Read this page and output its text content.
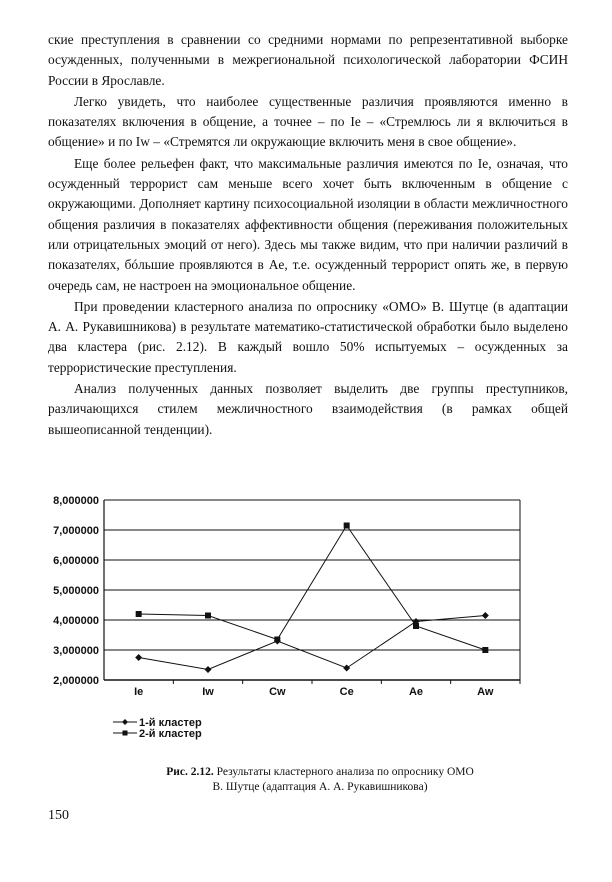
ские преступления в сравнении со средними нормами по репрезентативной выборке осужденных, полученными в межрегиональной психологической лаборатории ФСИН России в Ярославле.

Легко увидеть, что наиболее существенные различия проявляются именно в показателях включения в общение, а точнее – по Ie – «Стремлюсь ли я включиться в общение» и по Iw – «Стремятся ли окружающие включить меня в свое общение».

Еще более рельефен факт, что максимальные различия имеются по Ie, означая, что осужденный террорист сам меньше всего хочет быть включенным в общение с окружающими. Дополняет картину психосоциальной изоляции в области межличностного общения различия в показателях аффективности общения (переживания положительных или отрицательных эмоций от него). Здесь мы также видим, что при наличии различий в показателях, бóльшие проявляются в Ae, т.е. осужденный террорист опять же, в первую очередь сам, не настроен на эмоциональное общение.

При проведении кластерного анализа по опроснику «ОМО» В. Шутце (в адаптации А. А. Рукавишникова) в результате математико-статистической обработки было выделено два кластера (рис. 2.12). В каждый вошло 50% испытуемых – осужденных за террористические преступления.

Анализ полученных данных позволяет выделить две группы преступников, различающихся стилем межличностного взаимодействия (в рамках общей вышеописанной тенденции).

8,000000
7,000000
6,000000
5,000000
4,000000
3,000000
2,000000
Ie	Iw	Cw	Ce	Ae	Aw
1-й кластер
2-й кластер
Рис. 2.12. Результаты кластерного анализа по опроснику ОМО
В. Шутце (адаптация А. А. Рукавишникова)
150
